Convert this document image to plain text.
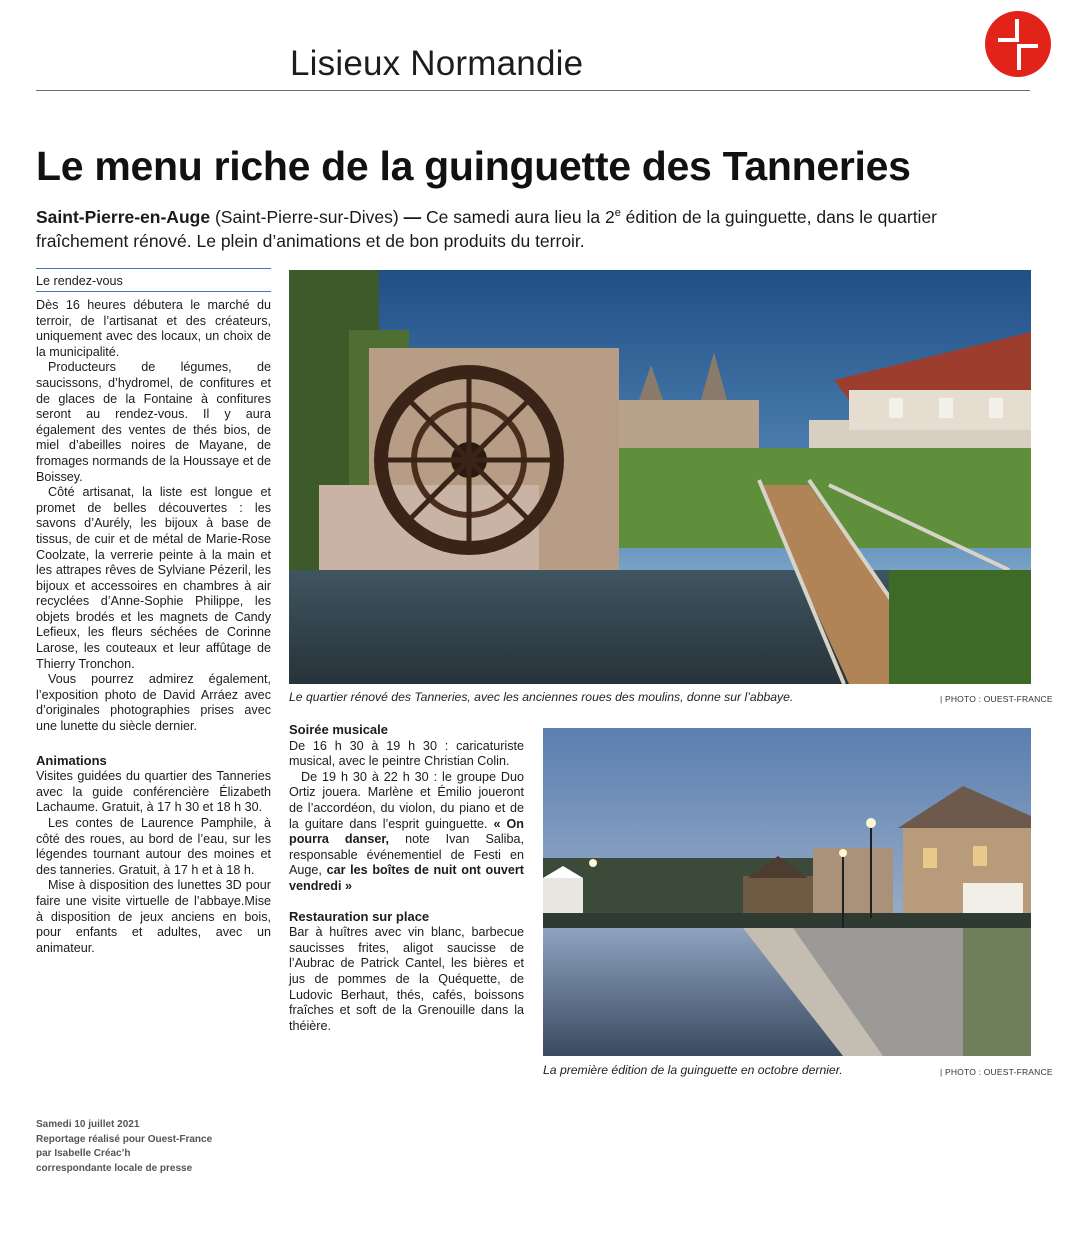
Lisieux Normandie
Le menu riche de la guinguette des Tanneries
Saint-Pierre-en-Auge (Saint-Pierre-sur-Dives) — Ce samedi aura lieu la 2e édition de la guinguette, dans le quartier fraîchement rénové. Le plein d’animations et de bon produits du terroir.
Le rendez-vous

Dès 16 heures débutera le marché du terroir, de l’artisanat et des créateurs, uniquement avec des locaux, un choix de la municipalité.

Producteurs de légumes, de saucissons, d’hydromel, de confitures et de glaces de la Fontaine à confitures seront au rendez-vous. Il y aura également des ventes de thés bios, de miel d’abeilles noires de Mayane, de fromages normands de la Houssaye et de Boissey.

Côté artisanat, la liste est longue et promet de belles découvertes : les savons d’Aurély, les bijoux à base de tissus, de cuir et de métal de Marie-Rose Coolzate, la verrerie peinte à la main et les attrapes rêves de Sylviane Pézeril, les bijoux et accessoires en chambres à air recyclées d’Anne-Sophie Philippe, les objets brodés et les magnets de Candy Lefieux, les fleurs séchées de Corinne Larose, les couteaux et leur affûtage de Thierry Tronchon.

Vous pourrez admirez également, l’exposition photo de David Arráez avec d’originales photographies prises avec une lunette du siècle dernier.

Animations

Visites guidées du quartier des Tanneries avec la guide conférencière Élizabeth Lachaume. Gratuit, à 17 h 30 et 18 h 30.

Les contes de Laurence Pamphile, à côté des roues, au bord de l’eau, sur les légendes tournant autour des moines et des tanneries. Gratuit, à 17 h et à 18 h.

Mise à disposition des lunettes 3D pour faire une visite virtuelle de l’abbaye.Mise à disposition de jeux anciens en bois, pour enfants et adultes, avec un animateur.

Le quartier rénové des Tanneries, avec les anciennes roues des moulins, donne sur l’abbaye.	| PHOTO : OUEST-FRANCE
Soirée musicale

De 16 h 30 à 19 h 30 : caricaturiste musical, avec le peintre Christian Colin.

De 19 h 30 à 22 h 30 : le groupe Duo Ortiz jouera. Marlène et Émilio joueront de l’accordéon, du violon, du piano et de la guitare dans l’esprit guinguette. « On pourra danser, note Ivan Saliba, responsable événementiel de Festi en Auge, car les boîtes de nuit ont ouvert vendredi »

Restauration sur place

Bar à huîtres avec vin blanc, barbecue saucisses frites, aligot saucisse de l’Aubrac de Patrick Cantel, les bières et jus de pommes de la Quéquette, de Ludovic Berhaut, thés, cafés, boissons fraîches et soft de la Grenouille dans la théière.

La première édition de la guinguette en octobre dernier.	| PHOTO : OUEST-FRANCE
Samedi 10 juillet 2021
Reportage réalisé pour Ouest-France
par Isabelle Créac’h
correspondante locale de presse
